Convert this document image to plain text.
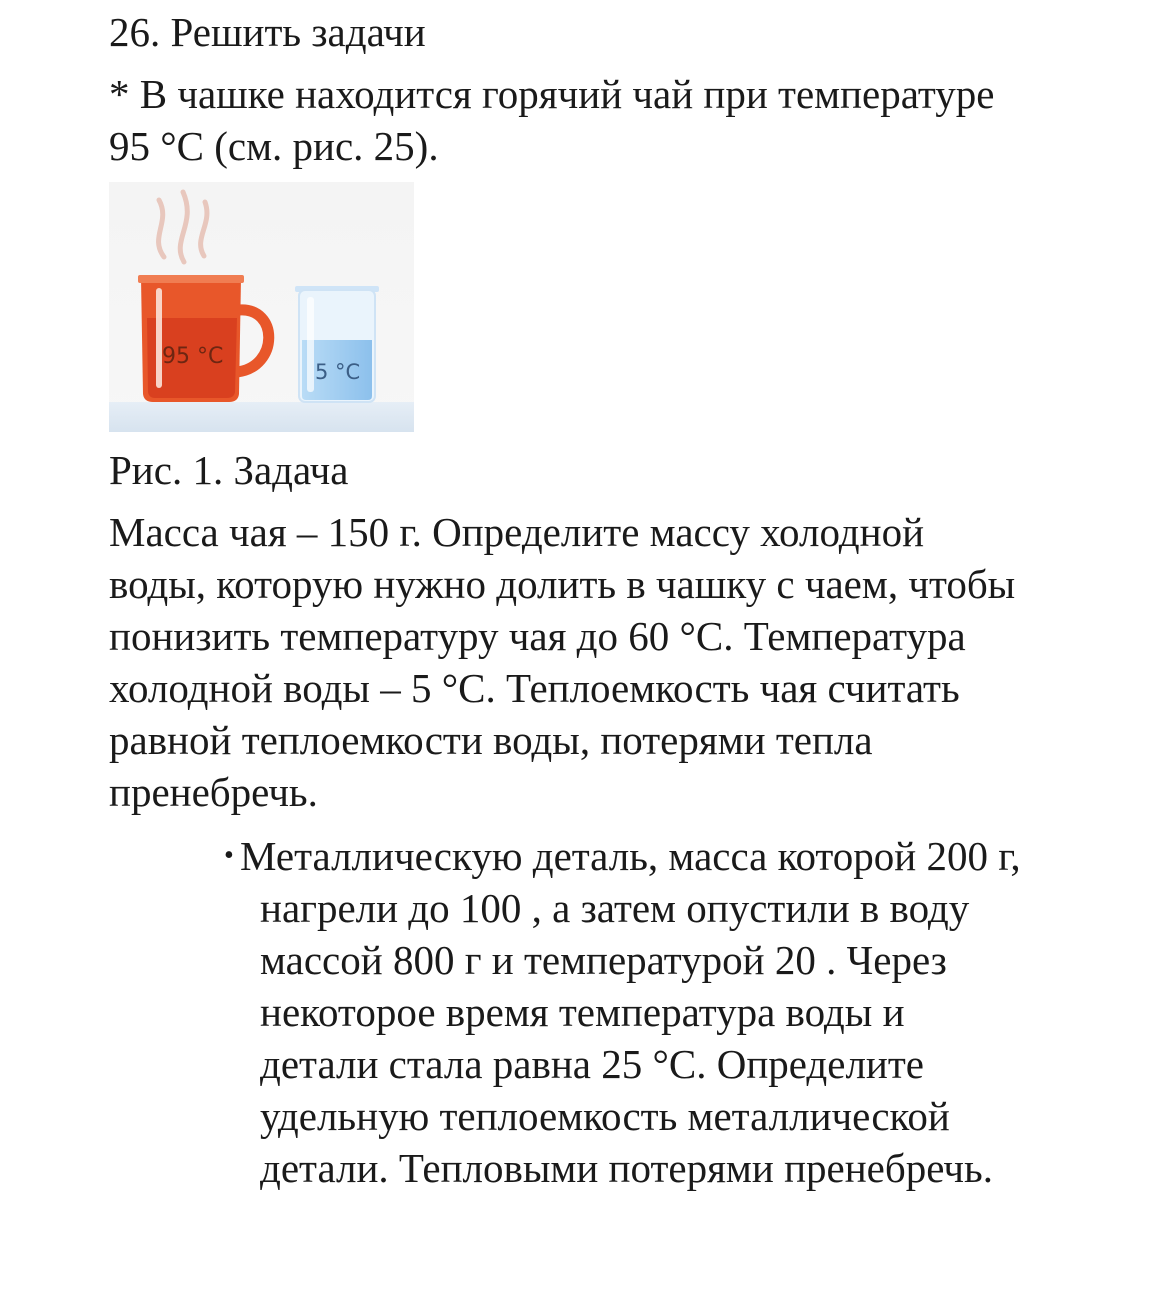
26. Решить задачи
* В чашке находится горячий чай при температуре
95 °С (см. рис. 25).
95 °C
5 °C
Рис. 1. Задача
Масса чая – 150 г. Определите массу холодной
воды, которую нужно долить в чашку с чаем, чтобы
понизить температуру чая до 60 °С. Температура
холодной воды – 5 °С. Теплоемкость чая считать
равной теплоемкости воды, потерями тепла
пренебречь.
• Металлическую деталь, масса которой 200 г,
нагрели до 100 , а затем опустили в воду
массой 800 г и температурой 20 . Через
некоторое время температура воды и
детали стала равна 25 °С. Определите
удельную теплоемкость металлической
детали. Тепловыми потерями пренебречь.
